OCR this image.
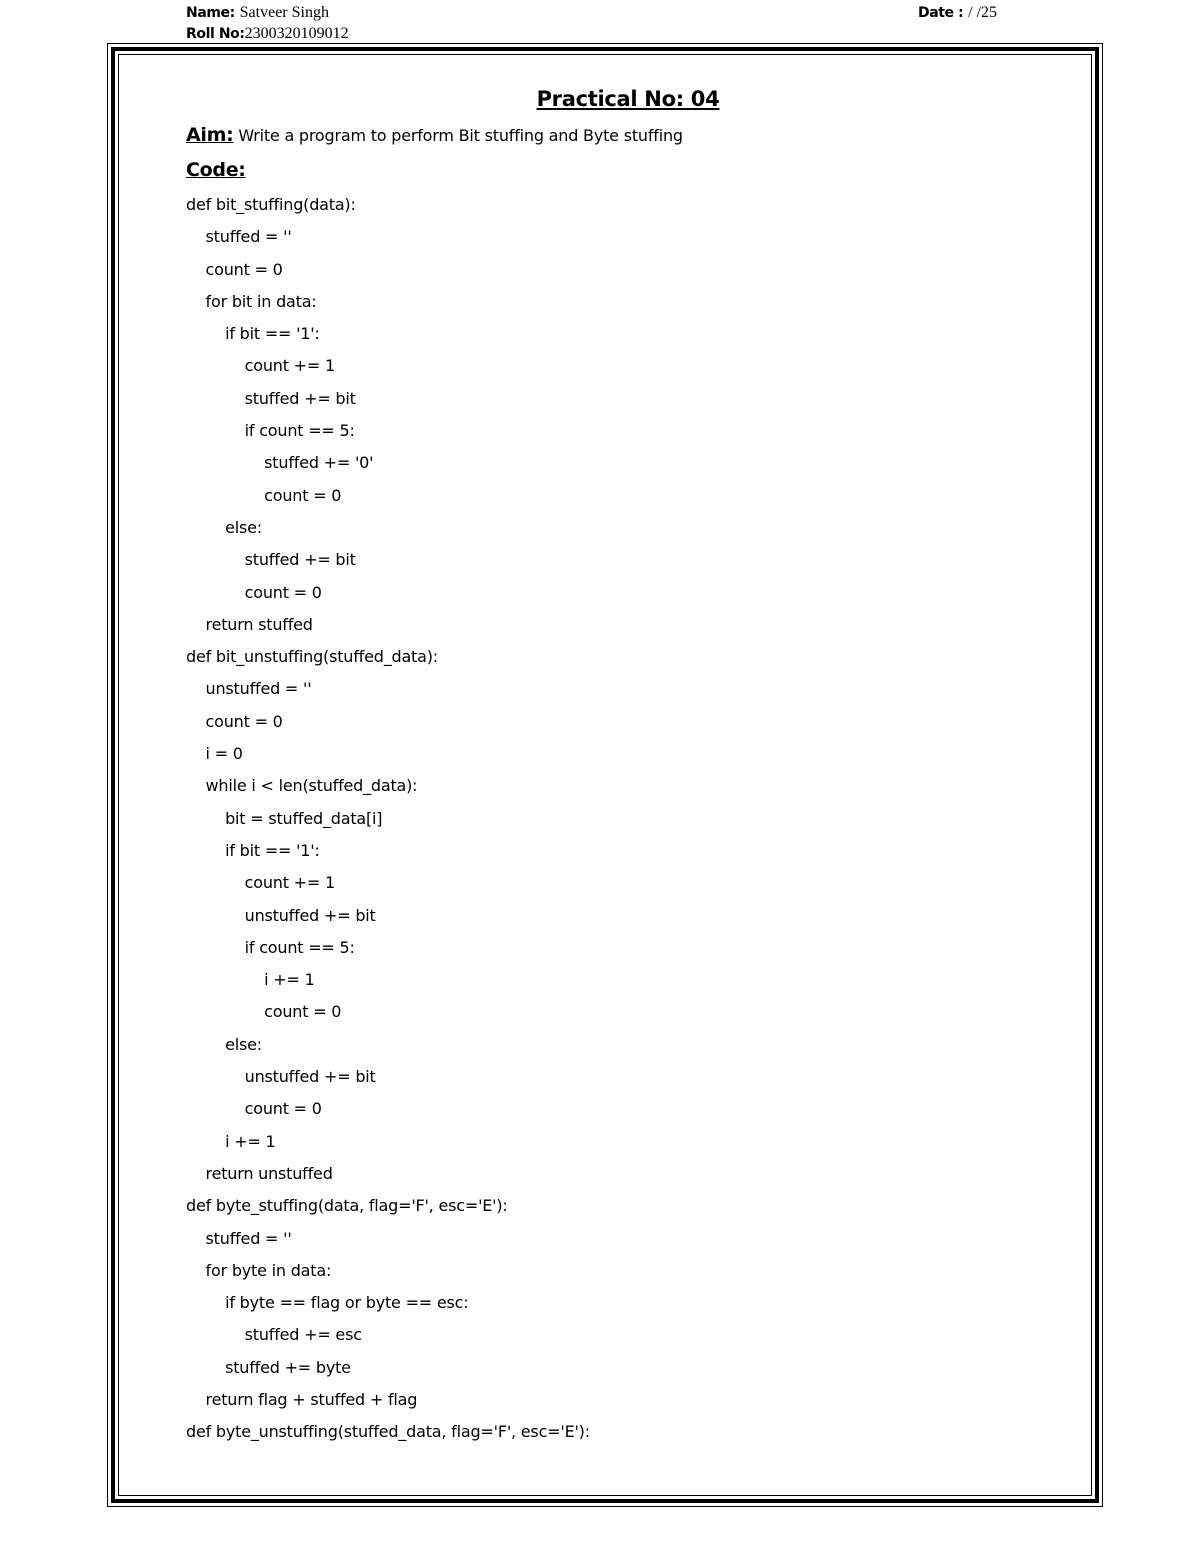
Name: Satveer Singh
Roll No:2300320109012
Date : / /25
Practical No: 04
Aim: Write a program to perform Bit stuffing and Byte stuffing
Code:
def bit_stuffing(data):
stuffed = ''
count = 0
for bit in data:
if bit == '1':
count += 1
stuffed += bit
if count == 5:
stuffed += '0'
count = 0
else:
stuffed += bit
count = 0
return stuffed
def bit_unstuffing(stuffed_data):
unstuffed = ''
count = 0
i = 0
while i < len(stuffed_data):
bit = stuffed_data[i]
if bit == '1':
count += 1
unstuffed += bit
if count == 5:
i += 1
count = 0
else:
unstuffed += bit
count = 0
i += 1
return unstuffed
def byte_stuffing(data, flag='F', esc='E'):
stuffed = ''
for byte in data:
if byte == flag or byte == esc:
stuffed += esc
stuffed += byte
return flag + stuffed + flag
def byte_unstuffing(stuffed_data, flag='F', esc='E'):
